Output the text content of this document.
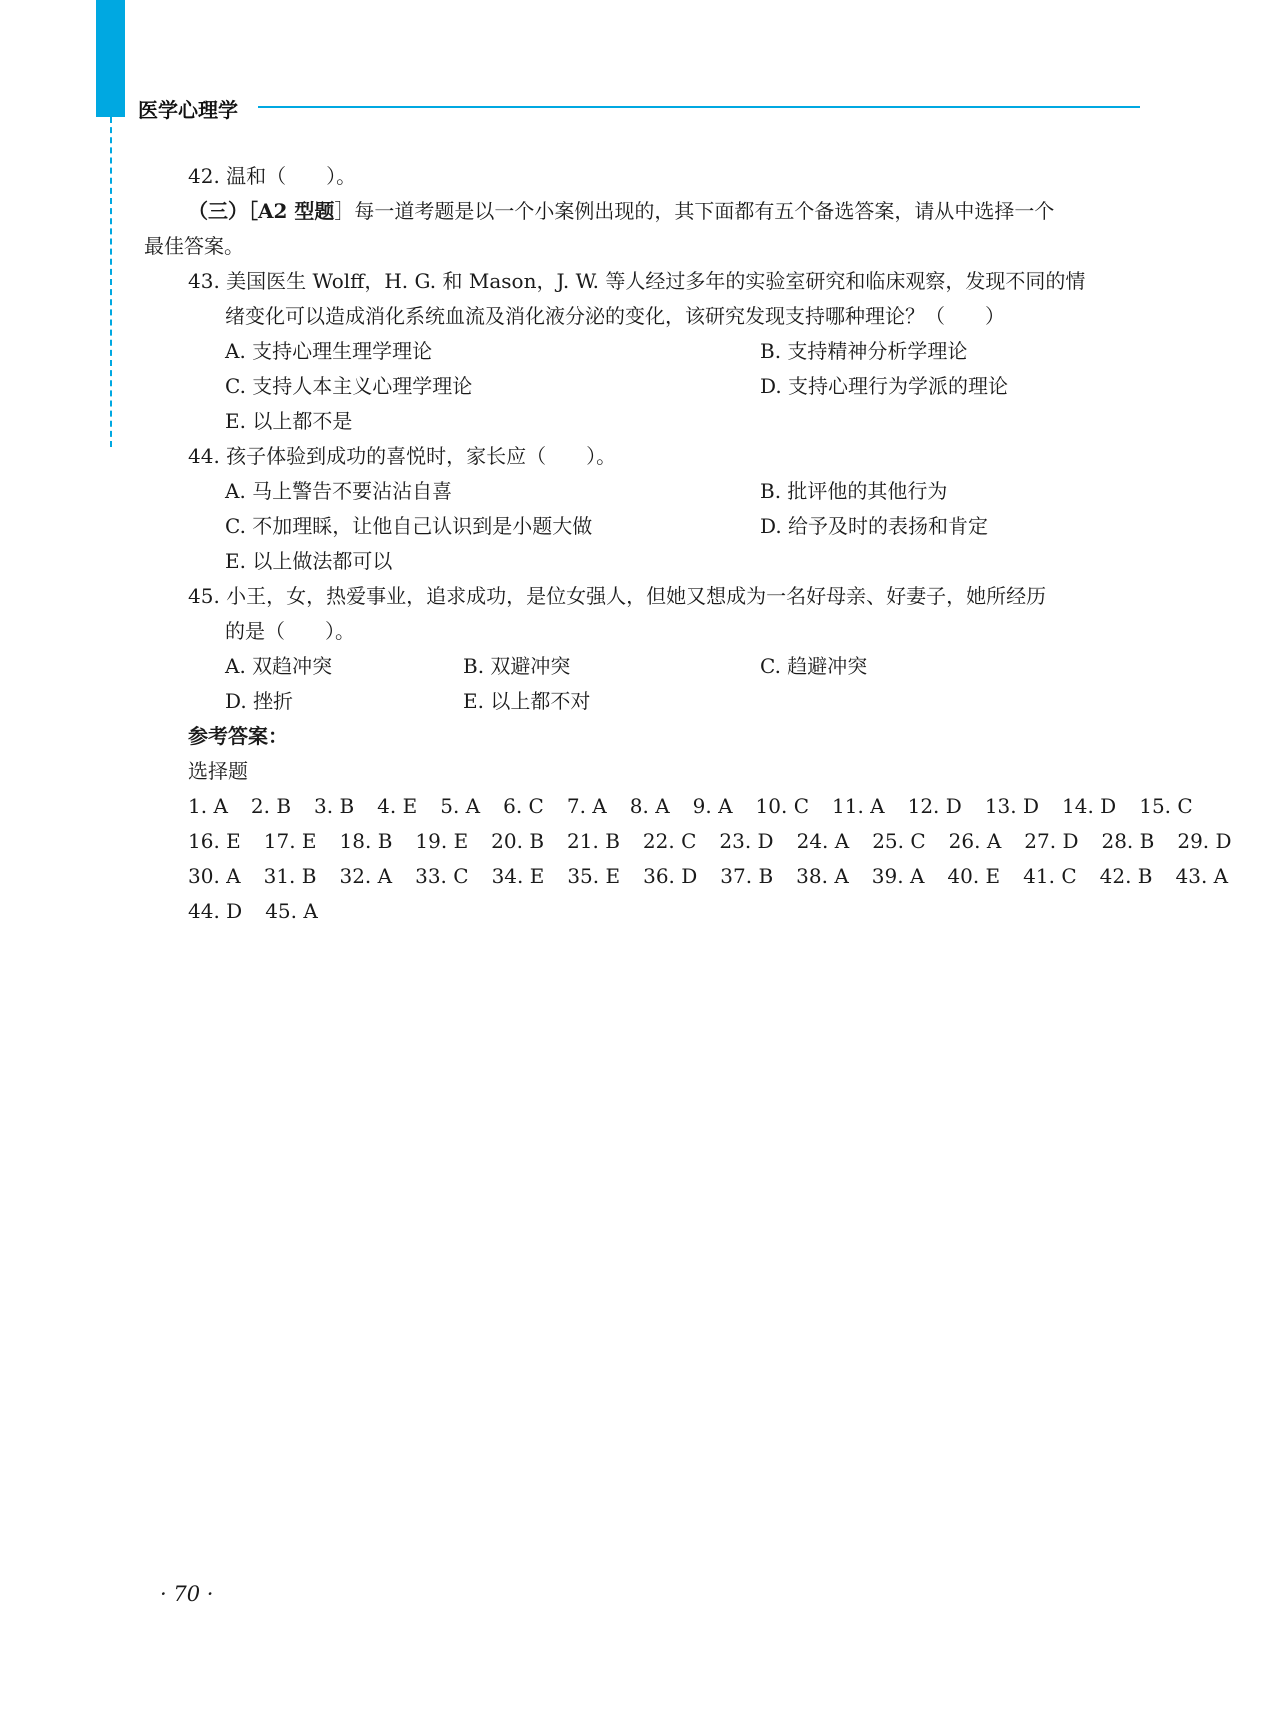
医学心理学
42. 温和（　　）。
（三）［A2 型题］每一道考题是以一个小案例出现的，其下面都有五个备选答案，请从中选择一个
最佳答案。
43. 美国医生 Wolff，H. G. 和 Mason，J. W. 等人经过多年的实验室研究和临床观察，发现不同的情
绪变化可以造成消化系统血流及消化液分泌的变化，该研究发现支持哪种理论？（　　）
A. 支持心理生理学理论	B. 支持精神分析学理论
C. 支持人本主义心理学理论	D. 支持心理行为学派的理论
E. 以上都不是
44. 孩子体验到成功的喜悦时，家长应（　　）。
A. 马上警告不要沾沾自喜	B. 批评他的其他行为
C. 不加理睬，让他自己认识到是小题大做	D. 给予及时的表扬和肯定
E. 以上做法都可以
45. 小王，女，热爱事业，追求成功，是位女强人，但她又想成为一名好母亲、好妻子，她所经历
的是（　　）。
A. 双趋冲突	B. 双避冲突	C. 趋避冲突
D. 挫折	E. 以上都不对
参考答案：
选择题
1. A 2. B 3. B 4. E 5. A 6. C 7. A 8. A 9. A 10. C 11. A 12. D 13. D 14. D 15. C
16. E 17. E 18. B 19. E 20. B 21. B 22. C 23. D 24. A 25. C 26. A 27. D 28. B 29. D
30. A 31. B 32. A 33. C 34. E 35. E 36. D 37. B 38. A 39. A 40. E 41. C 42. B 43. A
44. D 45. A
· 70 ·
